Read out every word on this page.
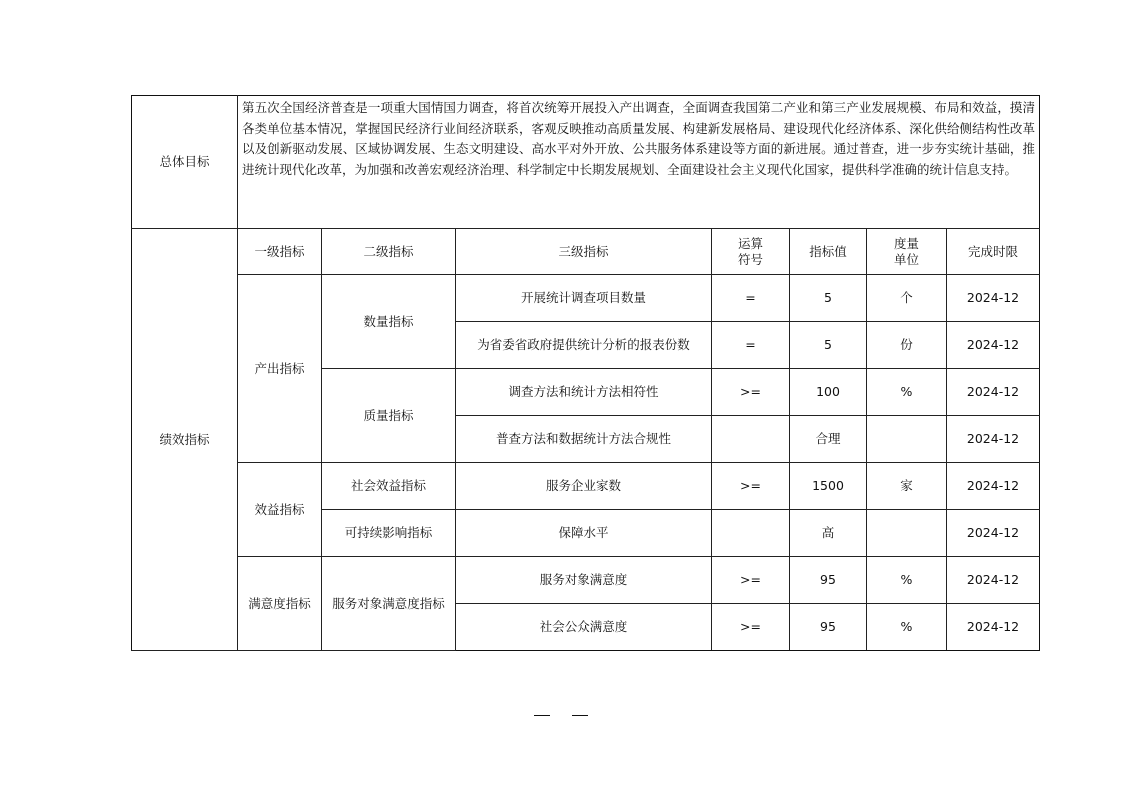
总体目标	第五次全国经济普查是一项重大国情国力调查，将首次统筹开展投入产出调查，全面调查我国第二产业和第三产业发展规模、布局和效益，摸清各类单位基本情况，掌握国民经济行业间经济联系，客观反映推动高质量发展、构建新发展格局、建设现代化经济体系、深化供给侧结构性改革以及创新驱动发展、区域协调发展、生态文明建设、高水平对外开放、公共服务体系建设等方面的新进展。通过普查，进一步夯实统计基础，推进统计现代化改革，为加强和改善宏观经济治理、科学制定中长期发展规划、全面建设社会主义现代化国家，提供科学准确的统计信息支持。						
绩效指标	一级指标	二级指标	三级指标	运算符号	指标值	度量单位	完成时限
	产出指标	数量指标	开展统计调查项目数量	=	5	个	2024-12
			为省委省政府提供统计分析的报表份数	=	5	份	2024-12
		质量指标	调查方法和统计方法相符性	>=	100	%	2024-12
			普查方法和数据统计方法合规性		合理		2024-12
	效益指标	社会效益指标	服务企业家数	>=	1500	家	2024-12
		可持续影响指标	保障水平		高		2024-12
	满意度指标	服务对象满意度指标	服务对象满意度	>=	95	%	2024-12
			社会公众满意度	>=	95	%	2024-12
